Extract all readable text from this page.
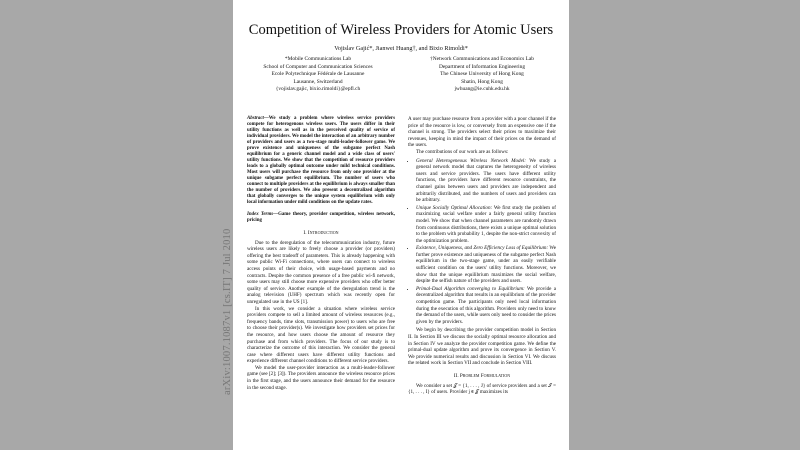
arXiv:1007.1087v1 [cs.IT] 7 Jul 2010
Competition of Wireless Providers for Atomic Users
Vojislav Gajić*, Jianwei Huang†, and Bixio Rimoldi*
*Mobile Communications Lab
School of Computer and Communication Sciences
Ecole Polytechnique Fédérale de Lausanne
Lausanne, Switzerland
{vojislav.gajic, bixio.rimoldi}@epfl.ch
†Network Communications and Economics Lab
Department of Information Engineering
The Chinese University of Hong Kong
Shatin, Hong Kong
jwhuang@ie.cuhk.edu.hk
Abstract—We study a problem where wireless service providers compete for heterogenous wireless users. The users differ in their utility functions as well as in the perceived quality of service of individual providers. We model the interaction of an arbitrary number of providers and users as a two-stage multi-leader-follower game. We prove existence and uniqueness of the subgame perfect Nash equilibrium for a generic channel model and a wide class of users' utility functions. We show that the competition of resource providers leads to a globally optimal outcome under mild technical conditions. Most users will purchase the resource from only one provider at the unique subgame perfect equilibrium. The number of users who connect to multiple providers at the equilibrium is always smaller than the number of providers. We also present a decentralized algorithm that globally converges to the unique system equilibrium with only local information under mild conditions on the update rates.
Index Terms—Game theory, provider competition, wireless network, pricing
I. Introduction

Due to the deregulation of the telecommunication industry, future wireless users are likely to freely choose a provider (or providers) offering the best tradeoff of parameters. This is already happening with some public Wi-Fi connections, where users can connect to wireless access points of their choice, with usage-based payments and no contracts. Despite the common presence of a free public wi-fi network, some users may still choose more expensive providers who offer better quality of service. Another example of the deregulation trend is the analog television (UHF) spectrum which was recently open for unregulated use in the US [1].

In this work, we consider a situation where wireless service providers compete to sell a limited amount of wireless resources (e.g., frequency bands, time slots, transmission power) to users who are free to choose their provider(s). We investigate how providers set prices for the resource, and how users choose the amount of resource they purchase and from which providers. The focus of our study is to characterize the outcome of this interaction. We consider the general case where different users have different utility functions and experience different channel conditions to different service providers.

We model the user-provider interaction as a multi-leader-follower game (see [2]; [3]). The providers announce the wireless resource prices in the first stage, and the users announce their demand for the resource in the second stage.

A user may purchase resource from a provider with a poor channel if the price of the resource is low, or conversely from an expensive one if the channel is strong. The providers select their prices to maximize their revenues, keeping in mind the impact of their prices on the demand of the users.

The contributions of our work are as follows:

• General Heterogeneous Wireless Network Model: We study a general network model that captures the heterogeneity of wireless users and service providers. The users have different utility functions, the providers have different resource constraints, the channel gains between users and providers are independent and arbitrarily distributed, and the numbers of users and providers can be arbitrary.
• Unique Socially Optimal Allocation: We first study the problem of maximizing social welfare under a fairly general utility function model. We show that when channel parameters are randomly drawn from continuous distributions, there exists a unique optimal solution to the problem with probability 1, despite the non-strict convexity of the optimization problem.
• Existence, Uniqueness, and Zero Efficiency Loss of Equilibrium: We further prove existence and uniqueness of the subgame perfect Nash equilibrium in the two-stage game, under an easily verifiable sufficient condition on the users' utility functions. Moreover, we show that the unique equilibrium maximizes the social welfare, despite the selfish nature of the providers and users.
• Primal-Dual Algorithm converging to Equilibrium: We provide a decentralized algorithm that results in an equilibrium of the provider competition game. The participants only need local information during the execution of this algorithm. Providers only need to know the demand of the users, while users only need to consider the prices given by the providers.

We begin by describing the provider competition model in Section II. In Section III we discuss the socially optimal resource allocation and in Section IV we analyze the provider competition game. We define the primal-dual update algorithm and prove its convergence in Section V. We provide numerical results and discussion in Section VI. We discuss the related work in Section VII and conclude in Section VIII.

II. Problem Formulation

We consider a set 𝒥 = {1, . . . , J} of service providers and a set ℐ = {1, . . . , I} of users. Provider j ∈ 𝒥 maximizes its
